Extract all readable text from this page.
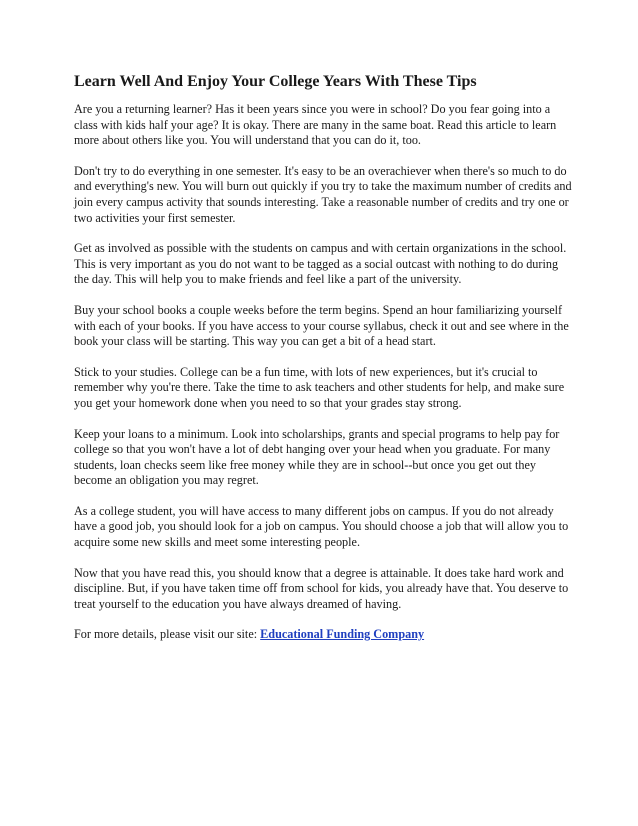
Learn Well And Enjoy Your College Years With These Tips

Are you a returning learner? Has it been years since you were in school? Do you fear going into a class with kids half your age? It is okay. There are many in the same boat. Read this article to learn more about others like you. You will understand that you can do it, too.

Don't try to do everything in one semester. It's easy to be an overachiever when there's so much to do and everything's new. You will burn out quickly if you try to take the maximum number of credits and join every campus activity that sounds interesting. Take a reasonable number of credits and try one or two activities your first semester.

Get as involved as possible with the students on campus and with certain organizations in the school. This is very important as you do not want to be tagged as a social outcast with nothing to do during the day. This will help you to make friends and feel like a part of the university.

Buy your school books a couple weeks before the term begins. Spend an hour familiarizing yourself with each of your books. If you have access to your course syllabus, check it out and see where in the book your class will be starting. This way you can get a bit of a head start.

Stick to your studies. College can be a fun time, with lots of new experiences, but it's crucial to remember why you're there. Take the time to ask teachers and other students for help, and make sure you get your homework done when you need to so that your grades stay strong.

Keep your loans to a minimum. Look into scholarships, grants and special programs to help pay for college so that you won't have a lot of debt hanging over your head when you graduate. For many students, loan checks seem like free money while they are in school--but once you get out they become an obligation you may regret.

As a college student, you will have access to many different jobs on campus. If you do not already have a good job, you should look for a job on campus. You should choose a job that will allow you to acquire some new skills and meet some interesting people.

Now that you have read this, you should know that a degree is attainable. It does take hard work and discipline. But, if you have taken time off from school for kids, you already have that. You deserve to treat yourself to the education you have always dreamed of having.

For more details, please visit our site: Educational Funding Company
